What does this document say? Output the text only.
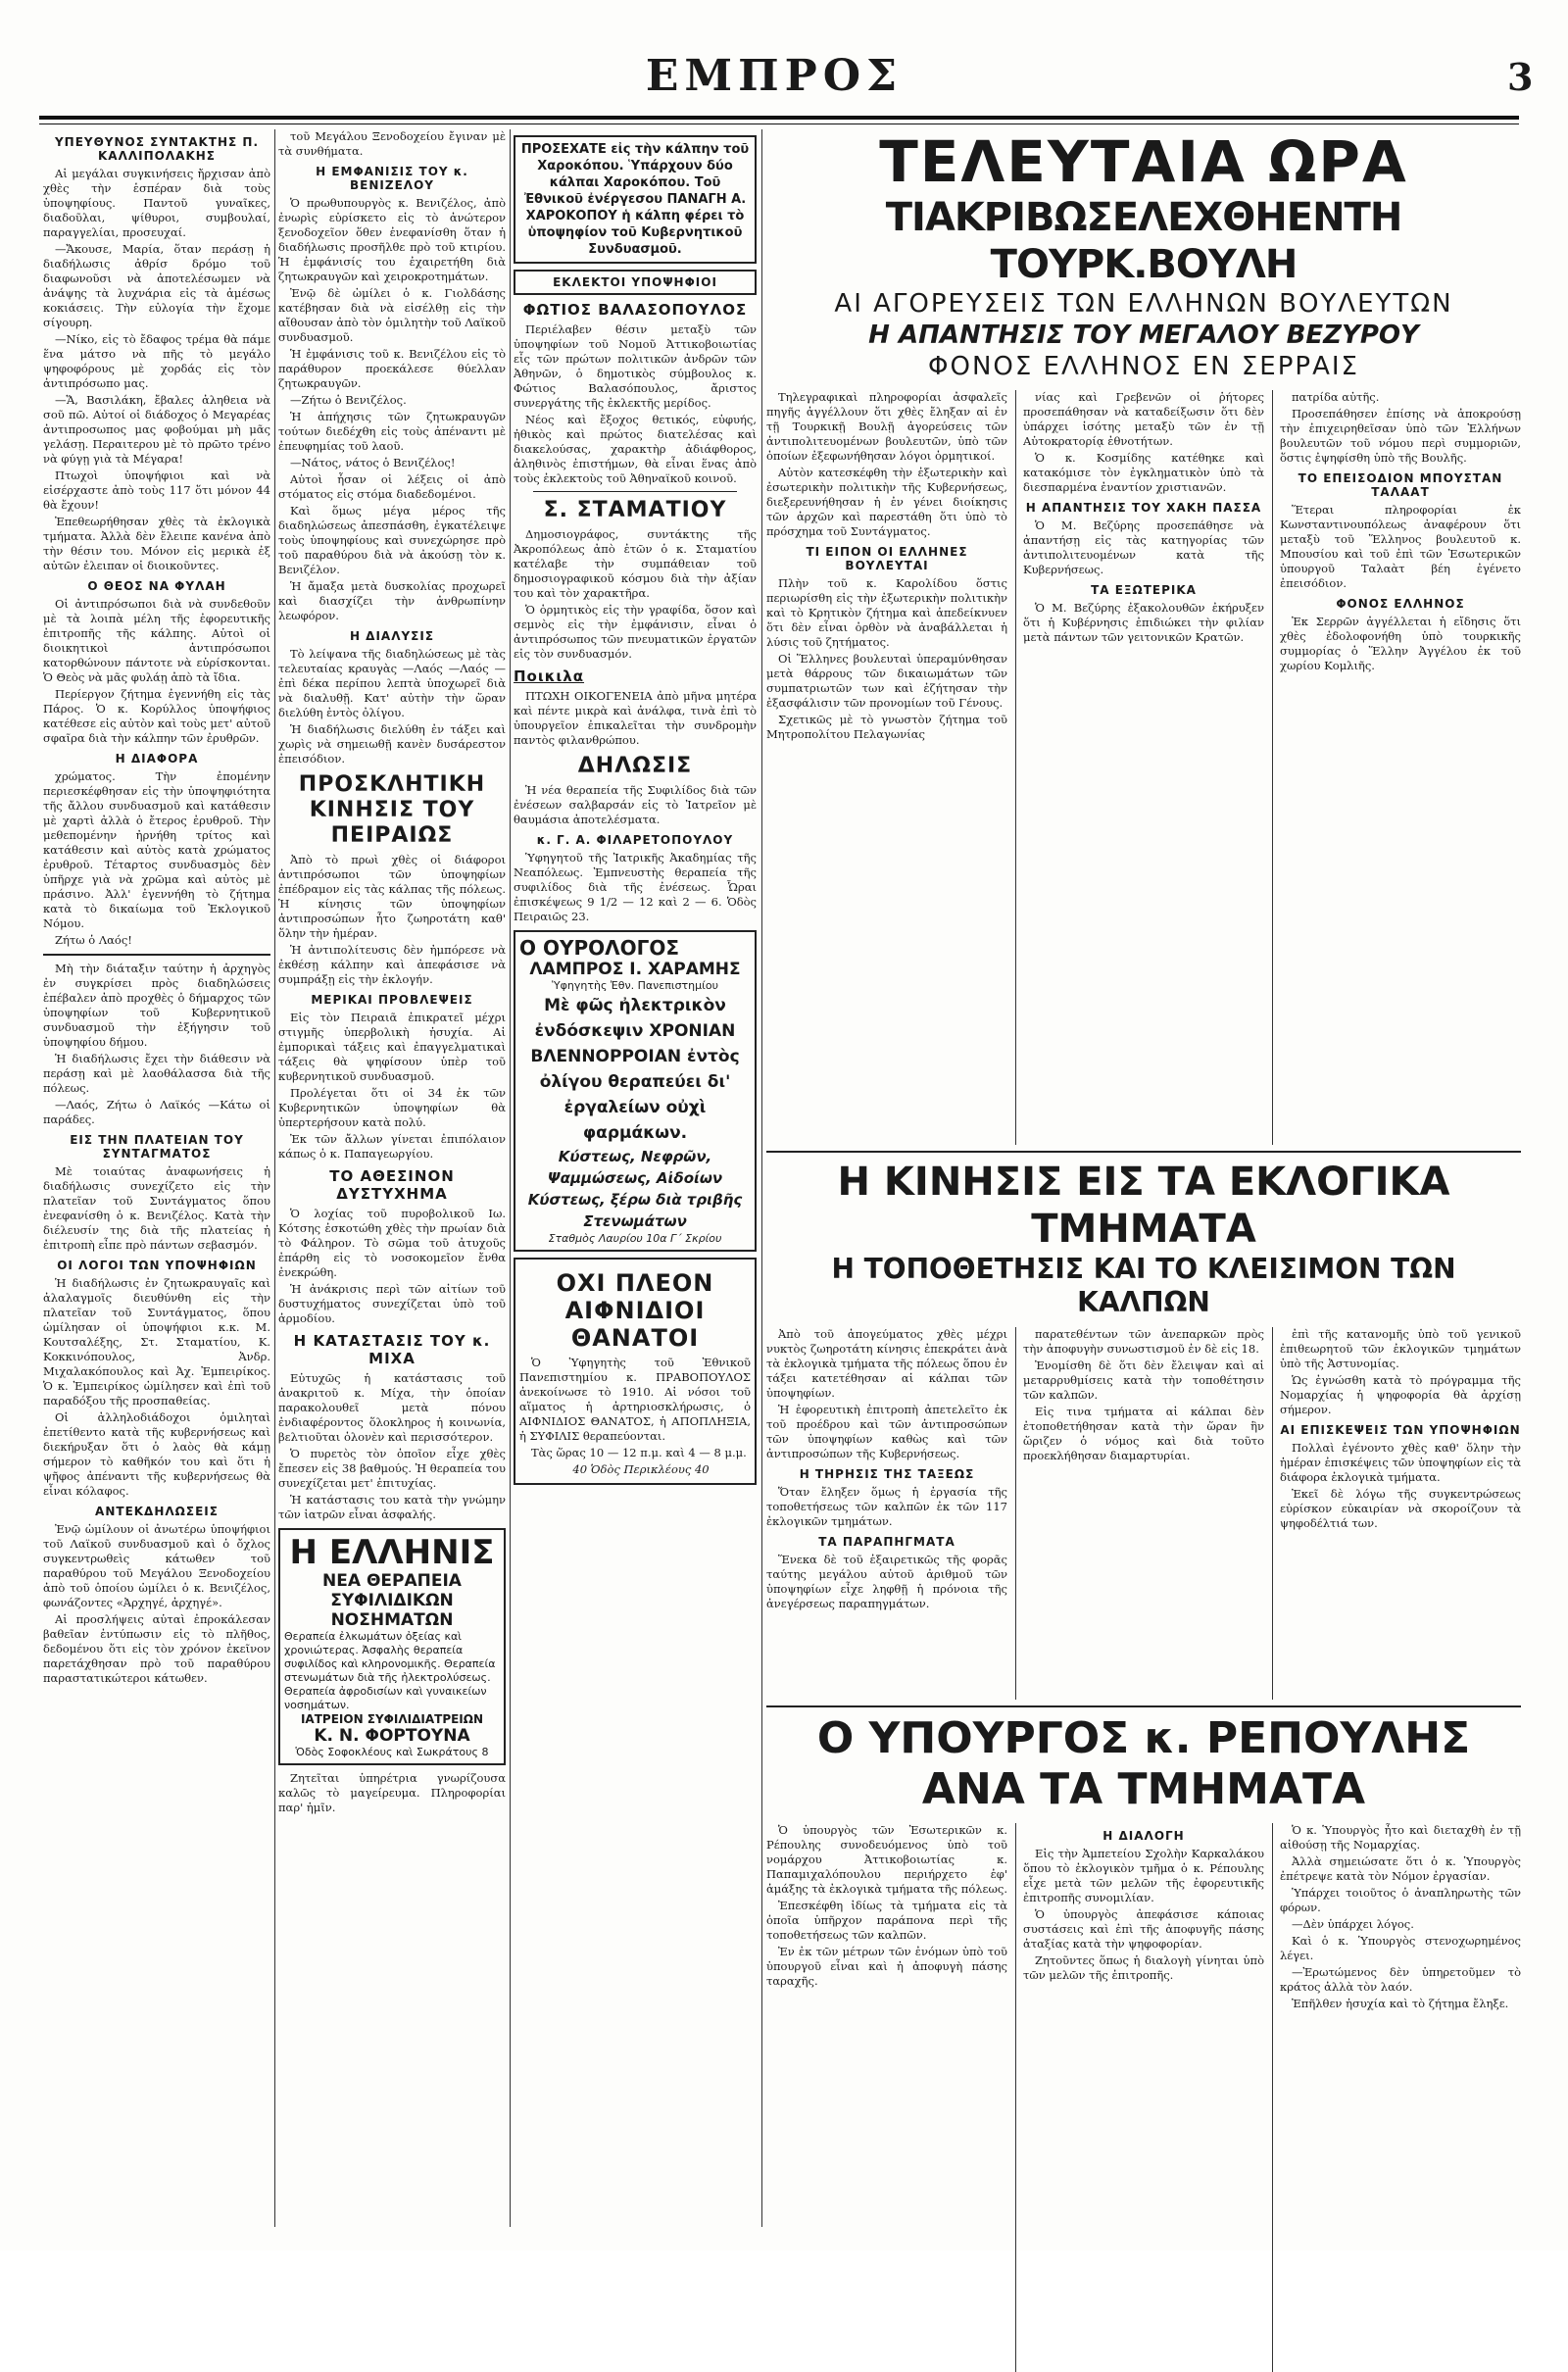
ΕΜΠΡΟΣ	3
ΥΠΕΥΘΥΝΟΣ ΣΥΝΤΑΚΤΗΣ Π. ΚΑΛΛΙΠΟΛΑΚΗΣ

Αἱ μεγάλαι συγκινήσεις ἤρχισαν ἀπὸ χθὲς τὴν ἑσπέραν διὰ τοὺς ὑποψηφίους. Παντοῦ γυναῖκες, διαδοῦλαι, ψίθυροι, συμβουλαί, παραγγελίαι, προσευχαί.

—Ἄκουσε, Μαρία, ὅταν περάσῃ ἡ διαδήλωσις ἀθρίσ δρόμο τοῦ διαφωνοῦσι νὰ ἀποτελέσωμεν νὰ ἀνάψης τὰ λυχνάρια εἰς τὰ ἀμέσως κοκιάσεις. Τὴν εὐλογία τὴν ἔχομε σίγουρη.

—Νίκο, εἰς τὸ ἔδαφος τρέμα θὰ πάμε ἕνα μάτσο νὰ πῆς τὸ μεγάλο ψηφοφόρους μὲ χορδάς εἰς τὸν ἀντιπρόσωπο μας.

—Ἅ, Βασιλάκη, ἔβαλες ἀληθεια νὰ σοῦ πῶ. Αὐτοί οἱ διάδοχος ὁ Μεγαρέας ἀντιπροσωπος μας φοβούμαι μὴ μᾶς γελάσῃ. Περαιτερου μὲ τὸ πρῶτο τρένο νὰ φύγῃ γιὰ τὰ Μέγαρα!

Πτωχοὶ ὑποψήφιοι καὶ νὰ εἰσέρχαστε ἀπὸ τοὺς 117 ὅτι μόνον 44 θὰ ἔχουν!

Ἐπεθεωρήθησαν χθὲς τὰ ἐκλογικὰ τμήματα. Ἀλλὰ δὲν ἔλειπε κανένα ἀπὸ τὴν θέσιν του. Μόνον εἰς μερικὰ ἐξ αὐτῶν ἐλειπαν οἱ διοικοῦντες.

Ο ΘΕΟΣ ΝΑ ΦΥΛΑΗ

Οἱ ἀντιπρόσωποι διὰ νὰ συνδεθοῦν μὲ τὰ λοιπὰ μέλη τῆς ἐφορευτικῆς ἐπιτροπῆς τῆς κάλπης. Αὐτοὶ οἱ διοικητικοὶ ἀντιπρόσωποι κατορθώνουν πάντοτε νὰ εὑρίσκονται. Ὁ Θεὸς νὰ μᾶς φυλάῃ ἀπὸ τὰ ἴδια.

Περίεργον ζήτημα ἐγεννήθη εἰς τὰς Πάρος. Ὁ κ. Κορύλλος ὑποψήφιος κατέθεσε εἰς αὐτὸν καὶ τοὺς μετ' αὐτοῦ σφαῖρα διὰ τὴν κάλπην τῶν ἐρυθρῶν.

Η ΔΙΑΦΟΡΑ

χρώματος. Τὴν ἐπομένην περιεσκέφθησαν εἰς τὴν ὑποψηφιότητα τῆς ἄλλου συνδυασμοῦ καὶ κατάθεσιν μὲ χαρτὶ ἀλλὰ ὁ ἔτερος ἐρυθροῦ. Τὴν μεθεπομένην ἠρνήθη τρίτος καὶ κατάθεσιν καὶ αὐτὸς κατὰ χρώματος ἐρυθροῦ. Τέταρτος συνδυασμὸς δὲν ὑπῆρχε γιὰ νὰ χρῶμα καὶ αὐτὸς μὲ πράσινο. Ἀλλ' ἐγεννήθη τὸ ζήτημα κατὰ τὸ δικαίωμα τοῦ Ἐκλογικοῦ Νόμου.

Ζήτω ὁ Λαός!

Μὴ τὴν διάταξιν ταύτην ἡ ἀρχηγὸς ἐν συγκρίσει πρὸς διαδηλώσεις ἐπέβαλεν ἀπὸ προχθὲς ὁ δήμαρχος τῶν ὑποψηφίων τοῦ Κυβερνητικοῦ συνδυασμοῦ τὴν ἐξήγησιν τοῦ ὑποψηφίου δήμου.

Ἡ διαδήλωσις ἔχει τὴν διάθεσιν νὰ περάσῃ καὶ μὲ λαοθάλασσα διὰ τῆς πόλεως.

—Λαός, Ζήτω ὁ Λαϊκός —Κάτω οἱ παράδες.

ΕΙΣ ΤΗΝ ΠΛΑΤΕΙΑΝ ΤΟΥ ΣΥΝΤΑΓΜΑΤΟΣ

Μὲ τοιαύτας ἀναφωνήσεις ἡ διαδήλωσις συνεχίζετο εἰς τὴν πλατεῖαν τοῦ Συντάγματος ὅπου ἐνεφανίσθη ὁ κ. Βενιζέλος. Κατὰ τὴν διέλευσίν της διὰ τῆς πλατείας ἡ ἐπιτροπὴ εἶπε πρὸ πάντων σεβασμόν.

ΟΙ ΛΟΓΟΙ ΤΩΝ ΥΠΟΨΗΦΙΩΝ

Ἡ διαδήλωσις ἐν ζητωκραυγαῖς καὶ ἀλαλαγμοῖς διευθύνθη εἰς τὴν πλατεῖαν τοῦ Συντάγματος, ὅπου ὡμίλησαν οἱ ὑποψήφιοι κ.κ. Μ. Κουτσαλέξης, Στ. Σταματίου, Κ. Κοκκινόπουλος, Ἀνδρ. Μιχαλακόπουλος καὶ Ἀχ. Ἐμπειρίκος. Ὁ κ. Ἐμπειρίκος ὡμίλησεν καὶ ἐπὶ τοῦ παραδόξου τῆς προσπαθείας.

Οἱ ἀλληλοδιάδοχοι ὁμιληταὶ ἐπετίθεντο κατὰ τῆς κυβερνήσεως καὶ διεκήρυξαν ὅτι ὁ λαὸς θὰ κάμῃ σήμερον τὸ καθῆκόν του καὶ ὅτι ἡ ψῆφος ἀπέναντι τῆς κυβερνήσεως θὰ εἶναι κόλαφος.

ΑΝΤΕΚΔΗΛΩΣΕΙΣ

Ἐνῷ ὡμίλουν οἱ ἀνωτέρω ὑποψήφιοι τοῦ Λαϊκοῦ συνδυασμοῦ καὶ ὁ ὄχλος συγκεντρωθεὶς κάτωθεν τοῦ παραθύρου τοῦ Μεγάλου Ξενοδοχείου ἀπὸ τοῦ ὁποίου ὡμίλει ὁ κ. Βενιζέλος, φωνάζοντες «Ἀρχηγέ, ἀρχηγέ».

Αἱ προσλήψεις αὐταὶ ἐπροκάλεσαν βαθεῖαν ἐντύπωσιν εἰς τὸ πλῆθος, δεδομένου ὅτι εἰς τὸν χρόνον ἐκεῖνον παρετάχθησαν πρὸ τοῦ παραθύρου παραστατικώτεροι κάτωθεν.

τοῦ Μεγάλου Ξενοδοχείου ἔγιναν μὲ τὰ συνθήματα.

Η ΕΜΦΑΝΙΣΙΣ ΤΟΥ κ. ΒΕΝΙΖΕΛΟΥ

Ὁ πρωθυπουργὸς κ. Βενιζέλος, ἀπὸ ἐνωρὶς εὑρίσκετο εἰς τὸ ἀνώτερον ξενοδοχεῖον ὅθεν ἐνεφανίσθη ὅταν ἡ διαδήλωσις προσῆλθε πρὸ τοῦ κτιρίου. Ἡ ἐμφάνισίς του ἐχαιρετήθη διὰ ζητωκραυγῶν καὶ χειροκροτημάτων.

Ἐνῷ δὲ ὡμίλει ὁ κ. Γιολδάσης κατέβησαν διὰ νὰ εἰσέλθῃ εἰς τὴν αἴθουσαν ἀπὸ τὸν ὁμιλητὴν τοῦ Λαϊκοῦ συνδυασμοῦ.

Ἡ ἐμφάνισις τοῦ κ. Βενιζέλου εἰς τὸ παράθυρον προεκάλεσε θύελλαν ζητωκραυγῶν.

—Ζήτω ὁ Βενιζέλος.

Ἡ ἀπήχησις τῶν ζητωκραυγῶν τούτων διεδέχθη εἰς τοὺς ἀπέναντι μὲ ἐπευφημίας τοῦ λαοῦ.

—Νάτος, νάτος ὁ Βενιζέλος!

Αὐτοὶ ἦσαν οἱ λέξεις οἱ ἀπὸ στόματος εἰς στόμα διαδεδομένοι.

Καὶ ὅμως μέγα μέρος τῆς διαδηλώσεως ἀπεσπάσθη, ἐγκατέλειψε τοὺς ὑποψηφίους καὶ συνεχώρησε πρὸ τοῦ παραθύρου διὰ νὰ ἀκούσῃ τὸν κ. Βενιζέλον.

Ἡ ἄμαξα μετὰ δυσκολίας προχωρεῖ καὶ διασχίζει τὴν ἀνθρωπίνην λεωφόρον.

Η ΔΙΑΛΥΣΙΣ

Τὸ λείψανα τῆς διαδηλώσεως μὲ τὰς τελευταίας κραυγὰς —Λαός —Λαός —ἐπὶ δέκα περίπου λεπτὰ ὑποχωρεῖ διὰ νὰ διαλυθῇ. Κατ' αὐτὴν τὴν ὥραν διελύθη ἐντὸς ὀλίγου.

Ἡ διαδήλωσις διελύθη ἐν τάξει καὶ χωρὶς νὰ σημειωθῇ κανὲν δυσάρεστον ἐπεισόδιον.

ΠΡΟΣΚΛΗΤΙΚΗ ΚΙΝΗΣΙΣ ΤΟΥ ΠΕΙΡΑΙΩΣ

Ἀπὸ τὸ πρωὶ χθὲς οἱ διάφοροι ἀντιπρόσωποι τῶν ὑποψηφίων ἐπέδραμον εἰς τὰς κάλπας τῆς πόλεως. Ἡ κίνησις τῶν ὑποψηφίων ἀντιπροσώπων ἦτο ζωηροτάτη καθ' ὅλην τὴν ἡμέραν.

Ἡ ἀντιπολίτευσις δὲν ἠμπόρεσε νὰ ἐκθέσῃ κάλπην καὶ ἀπεφάσισε νὰ συμπράξῃ εἰς τὴν ἐκλογήν.

ΜΕΡΙΚΑΙ ΠΡΟΒΛΕΨΕΙΣ

Εἰς τὸν Πειραιᾶ ἐπικρατεῖ μέχρι στιγμῆς ὑπερβολικὴ ἡσυχία. Αἱ ἐμπορικαὶ τάξεις καὶ ἐπαγγελματικαὶ τάξεις θὰ ψηφίσουν ὑπὲρ τοῦ κυβερνητικοῦ συνδυασμοῦ.

Προλέγεται ὅτι οἱ 34 ἐκ τῶν Κυβερνητικῶν ὑποψηφίων θὰ ὑπερτερήσουν κατὰ πολύ.

Ἐκ τῶν ἄλλων γίνεται ἐπιπόλαιον κάπως ὁ κ. Παπαγεωργίου.

ΤΟ ΑΘΕΣΙΝΟΝ ΔΥΣΤΥΧΗΜΑ

Ὁ λοχίας τοῦ πυροβολικοῦ Ιω. Κότσης ἐσκοτώθη χθὲς τὴν πρωίαν διὰ τὸ Φάληρον. Τὸ σῶμα τοῦ ἀτυχοῦς ἐπάρθη εἰς τὸ νοσοκομεῖον ἔνθα ἐνεκρώθη.

Ἡ ἀνάκρισις περὶ τῶν αἰτίων τοῦ δυστυχήματος συνεχίζεται ὑπὸ τοῦ ἀρμοδίου.

Η ΚΑΤΑΣΤΑΣΙΣ ΤΟΥ κ. ΜΙΧΑ

Εὐτυχῶς ἡ κατάστασις τοῦ ἀνακριτοῦ κ. Μίχα, τὴν ὁποίαν παρακολουθεῖ μετὰ πόνου ἐνδιαφέροντος ὅλοκληρος ἡ κοινωνία, βελτιοῦται ὁλονὲν καὶ περισσότερον.

Ὁ πυρετὸς τὸν ὁποῖον εἶχε χθὲς ἔπεσεν εἰς 38 βαθμούς. Ἡ θεραπεία του συνεχίζεται μετ' ἐπιτυχίας.

Ἡ κατάστασις του κατὰ τὴν γνώμην τῶν ἰατρῶν εἶναι ἀσφαλής.

Η ΕΛΛΗΝΙΣ
ΝΕΑ ΘΕΡΑΠΕΙΑ ΣΥΦΙΛΙΔΙΚΩΝ ΝΟΣΗΜΑΤΩΝ
Θεραπεία ἐλκωμάτων ὀξείας καὶ χρονιώτερας. Ἀσφαλὴς θεραπεία συφιλίδος καὶ κληρονομικῆς. Θεραπεία στενωμάτων διὰ τῆς ἠλεκτρολύσεως. Θεραπεία ἀφροδισίων καὶ γυναικείων νοσημάτων.
ΙΑΤΡΕΙΟΝ ΣΥΦΙΛΙΔΙΑΤΡΕΙΩΝ
Κ. Ν. ΦΟΡΤΟΥΝΑ
Ὁδὸς Σοφοκλέους καὶ Σωκράτους 8

Ζητεῖται ὑπηρέτρια γνωρίζουσα καλῶς τὸ μαγείρευμα. Πληροφορίαι παρ' ἡμῖν.

ΠΡΟΣΕΧΑΤΕ εἰς τὴν κάλπην τοῦ Χαροκόπου. Ὑπάρχουν δύο κάλπαι Χαροκόπου. Τοῦ Ἐθνικοῦ ἐνέργεσου ΠΑΝΑΓΗ Α. ΧΑΡΟΚΟΠΟΥ ἡ κάλπη φέρει τὸ ὑποψηφίον τοῦ Κυβερνητικοῦ Συνδυασμοῦ.
ΕΚΛΕΚΤΟΙ ΥΠΟΨΗΦΙΟΙ
ΦΩΤΙΟΣ ΒΑΛΑΣΟΠΟΥΛΟΣ

Περιέλαβεν θέσιν μεταξὺ τῶν ὑποψηφίων τοῦ Νομοῦ Ἀττικοβοιωτίας εἷς τῶν πρώτων πολιτικῶν ἀνδρῶν τῶν Ἀθηνῶν, ὁ δημοτικὸς σύμβουλος κ. Φώτιος Βαλασόπουλος, ἄριστος συνεργάτης τῆς ἐκλεκτῆς μερίδος.

Νέος καὶ ἔξοχος θετικός, εὐφυής, ἠθικὸς καὶ πρώτος διατελέσας καὶ διακελούσας, χαρακτὴρ ἀδιάφθορος, ἀληθινὸς ἐπιστήμων, θὰ εἶναι ἕνας ἀπὸ τοὺς ἐκλεκτοὺς τοῦ Ἀθηναϊκοῦ κοινοῦ.

Σ. ΣΤΑΜΑΤΙΟΥ

Δημοσιογράφος, συντάκτης τῆς Ἀκροπόλεως ἀπὸ ἐτῶν ὁ κ. Σταματίου κατέλαβε τὴν συμπάθειαν τοῦ δημοσιογραφικοῦ κόσμου διὰ τὴν ἀξίαν του καὶ τὸν χαρακτῆρα.

Ὁ ὁρμητικὸς εἰς τὴν γραφίδα, ὅσον καὶ σεμνὸς εἰς τὴν ἐμφάνισιν, εἶναι ὁ ἀντιπρόσωπος τῶν πνευματικῶν ἐργατῶν εἰς τὸν συνδυασμόν.

Ποικιλα

ΠΤΩΧΗ ΟΙΚΟΓΕΝΕΙΑ ἀπὸ μῆνα μητέρα καὶ πέντε μικρὰ καὶ ἀνάλφα, τινὰ ἐπὶ τὸ ὑπουργεῖον ἐπικαλεῖται τὴν συνδρομὴν παντὸς φιλανθρώπου.

ΔΗΛΩΣΙΣ

Ἡ νέα θεραπεία τῆς Συφιλίδος διὰ τῶν ἐνέσεων σαλβαρσάν εἰς τὸ Ἰατρεῖον μὲ θαυμάσια ἀποτελέσματα.

κ. Γ. Α. ΦΙΛΑΡΕΤΟΠΟΥΛΟΥ

Ὑφηγητοῦ τῆς Ἰατρικῆς Ἀκαδημίας τῆς Νεαπόλεως. Ἐμπνευστὴς θεραπεία τῆς συφιλίδος διὰ τῆς ἐνέσεως. Ὧραι ἐπισκέψεως 9 1/2 — 12 καὶ 2 — 6. Ὁδὸς Πειραιῶς 23.

Ο ΟΥΡΟΛΟΓΟΣ
ΛΑΜΠΡΟΣ Ι. ΧΑΡΑΜΗΣ
Ὑφηγητὴς Ἐθν. Πανεπιστημίου
Μὲ φῶς ἠλεκτρικὸν ἐνδόσκεψιν ΧΡΟΝΙΑΝ ΒΛΕΝΝΟΡΡΟΙΑΝ ἐντὸς ὀλίγου θεραπεύει δι' ἐργαλείων οὐχὶ φαρμάκων.
Κύστεως, Νεφρῶν, Ψαμμώσεως, Αἰδοίων Κύστεως, ξέρω διὰ τριβῆς Στενωμάτων
Σταθμὸς Λαυρίου 10α Γ΄ Σκρίου
ΟΧΙ ΠΛΕΟΝ ΑΙΦΝΙΔΙΟΙ ΘΑΝΑΤΟΙ

Ὁ Ὑφηγητὴς τοῦ Ἐθνικοῦ Πανεπιστημίου κ. ΠΡΑΒΟΠΟΥΛΟΣ ἀνεκοίνωσε τὸ 1910. Αἱ νόσοι τοῦ αἵματος ἡ ἀρτηριοσκλήρωσις, ὁ ΑΙΦΝΙΔΙΟΣ ΘΑΝΑΤΟΣ, ἡ ΑΠΟΠΛΗΞΙΑ, ἡ ΣΥΦΙΛΙΣ θεραπεύονται.

Τὰς ὥρας 10 — 12 π.μ. καὶ 4 — 8 μ.μ.

40 Ὁδὸς Περικλέους 40

ΤΕΛΕΥΤΑΙΑ ΩΡΑ
ΤΙΑΚΡΙΒΩΣΕΛΕΧΘΗΕΝΤΗ ΤΟΥΡΚ.ΒΟΥΛΗ
ΑΙ ΑΓΟΡΕΥΣΕΙΣ ΤΩΝ ΕΛΛΗΝΩΝ ΒΟΥΛΕΥΤΩΝ
Η ΑΠΑΝΤΗΣΙΣ ΤΟΥ ΜΕΓΑΛΟΥ ΒΕΖΥΡΟΥ
ΦΟΝΟΣ ΕΛΛΗΝΟΣ ΕΝ ΣΕΡΡΑΙΣ

Τηλεγραφικαὶ πληροφορίαι ἀσφαλεῖς πηγῆς ἀγγέλλουν ὅτι χθὲς ἔληξαν αἱ ἐν τῇ Τουρκικῇ Βουλῇ ἀγορεύσεις τῶν ἀντιπολιτευομένων βουλευτῶν, ὑπὸ τῶν ὁποίων ἐξεφωνήθησαν λόγοι ὁρμητικοί.

Αὐτὸν κατεσκέφθη τὴν ἐξωτερικὴν καὶ ἐσωτερικὴν πολιτικὴν τῆς Κυβερνήσεως, διεξερευνήθησαν ἡ ἐν γένει διοίκησις τῶν ἀρχῶν καὶ παρεστάθη ὅτι ὑπὸ τὸ πρόσχημα τοῦ Συντάγματος.

ΤΙ ΕΙΠΟΝ ΟΙ ΕΛΛΗΝΕΣ ΒΟΥΛΕΥΤΑΙ

Πλὴν τοῦ κ. Καρολίδου ὅστις περιωρίσθη εἰς τὴν ἐξωτερικὴν πολιτικὴν καὶ τὸ Κρητικὸν ζήτημα καὶ ἀπεδείκνυεν ὅτι δὲν εἶναι ὀρθὸν νὰ ἀναβάλλεται ἡ λύσις τοῦ ζητήματος.

Οἱ Ἕλληνες βουλευταὶ ὑπεραμύνθησαν μετὰ θάρρους τῶν δικαιωμάτων τῶν συμπατριωτῶν των καὶ ἐζήτησαν τὴν ἐξασφάλισιν τῶν προνομίων τοῦ Γένους.

Σχετικῶς μὲ τὸ γνωστὸν ζήτημα τοῦ Μητροπολίτου Πελαγωνίας

νίας καὶ Γρεβενῶν οἱ ῥήτορες προσεπάθησαν νὰ καταδείξωσιν ὅτι δὲν ὑπάρχει ἰσότης μεταξὺ τῶν ἐν τῇ Αὐτοκρατορίᾳ ἐθνοτήτων.

Ὁ κ. Κοσμίδης κατέθηκε καὶ κατακόμισε τὸν ἐγκληματικὸν ὑπὸ τὰ διεσπαρμένα ἐναντίον χριστιανῶν.

Η ΑΠΑΝΤΗΣΙΣ ΤΟΥ ΧΑΚΗ ΠΑΣΣΑ

Ὁ Μ. Βεζύρης προσεπάθησε νὰ ἀπαντήσῃ εἰς τὰς κατηγορίας τῶν ἀντιπολιτευομένων κατὰ τῆς Κυβερνήσεως.

ΤΑ ΕΞΩΤΕΡΙΚΑ

Ὁ Μ. Βεζύρης ἐξακολουθῶν ἐκήρυξεν ὅτι ἡ Κυβέρνησις ἐπιδιώκει τὴν φιλίαν μετὰ πάντων τῶν γειτονικῶν Κρατῶν.

πατρίδα αὐτῆς.

Προσεπάθησεν ἐπίσης νὰ ἀποκρούσῃ τὴν ἐπιχειρηθεῖσαν ὑπὸ τῶν Ἑλλήνων βουλευτῶν τοῦ νόμου περὶ συμμοριῶν, ὅστις ἐψηφίσθη ὑπὸ τῆς Βουλῆς.

ΤΟ ΕΠΕΙΣΟΔΙΟΝ ΜΠΟΥΣΤΑΝ ΤΑΛΑΑΤ

Ἕτεραι πληροφορίαι ἐκ Κωνσταντινουπόλεως ἀναφέρουν ὅτι μεταξὺ τοῦ Ἕλληνος βουλευτοῦ κ. Μπουσίου καὶ τοῦ ἐπὶ τῶν Ἐσωτερικῶν ὑπουργοῦ Ταλαὰτ βέη ἐγένετο ἐπεισόδιον.

ΦΟΝΟΣ ΕΛΛΗΝΟΣ

Ἐκ Σερρῶν ἀγγέλλεται ἡ εἴδησις ὅτι χθὲς ἐδολοφονήθη ὑπὸ τουρκικῆς συμμορίας ὁ Ἕλλην Ἀγγέλου ἐκ τοῦ χωρίου Κομλιῆς.

Η ΚΙΝΗΣΙΣ ΕΙΣ ΤΑ ΕΚΛΟΓΙΚΑ ΤΜΗΜΑΤΑ
Η ΤΟΠΟΘΕΤΗΣΙΣ ΚΑΙ ΤΟ ΚΛΕΙΣΙΜΟΝ ΤΩΝ ΚΑΛΠΩΝ

Ἀπὸ τοῦ ἀπογεύματος χθὲς μέχρι νυκτὸς ζωηροτάτη κίνησις ἐπεκράτει ἀνὰ τὰ ἐκλογικὰ τμήματα τῆς πόλεως ὅπου ἐν τάξει κατετέθησαν αἱ κάλπαι τῶν ὑποψηφίων.

Ἡ ἐφορευτικὴ ἐπιτροπὴ ἀπετελεῖτο ἐκ τοῦ προέδρου καὶ τῶν ἀντιπροσώπων τῶν ὑποψηφίων καθὼς καὶ τῶν ἀντιπροσώπων τῆς Κυβερνήσεως.

Η ΤΗΡΗΣΙΣ ΤΗΣ ΤΑΞΕΩΣ

Ὅταν ἔληξεν ὅμως ἡ ἐργασία τῆς τοποθετήσεως τῶν καλπῶν ἐκ τῶν 117 ἐκλογικῶν τμημάτων.

ΤΑ ΠΑΡΑΠΗΓΜΑΤΑ

Ἕνεκα δὲ τοῦ ἐξαιρετικῶς τῆς φορᾶς ταύτης μεγάλου αὐτοῦ ἀριθμοῦ τῶν ὑποψηφίων εἶχε ληφθῇ ἡ πρόνοια τῆς ἀνεγέρσεως παραπηγμάτων.

παρατεθέντων τῶν ἀνεπαρκῶν πρὸς τὴν ἀποφυγὴν συνωστισμοῦ ἐν δὲ εἰς 18.

Ἐνομίσθη δὲ ὅτι δὲν ἔλειψαν καὶ αἱ μεταρρυθμίσεις κατὰ τὴν τοποθέτησιν τῶν καλπῶν.

Εἰς τινα τμήματα αἱ κάλπαι δὲν ἐτοποθετήθησαν κατὰ τὴν ὥραν ἣν ὥριζεν ὁ νόμος καὶ διὰ τοῦτο προεκλήθησαν διαμαρτυρίαι.

ἐπὶ τῆς κατανομῆς ὑπὸ τοῦ γενικοῦ ἐπιθεωρητοῦ τῶν ἐκλογικῶν τμημάτων ὑπὸ τῆς Ἀστυνομίας.

Ὡς ἐγνώσθη κατὰ τὸ πρόγραμμα τῆς Νομαρχίας ἡ ψηφοφορία θὰ ἀρχίσῃ σήμερον.

ΑΙ ΕΠΙΣΚΕΨΕΙΣ ΤΩΝ ΥΠΟΨΗΦΙΩΝ

Πολλαὶ ἐγένοντο χθὲς καθ' ὅλην τὴν ἡμέραν ἐπισκέψεις τῶν ὑποψηφίων εἰς τὰ διάφορα ἐκλογικὰ τμήματα.

Ἐκεῖ δὲ λόγω τῆς συγκεντρώσεως εὑρίσκον εὐκαιρίαν νὰ σκοροίζουν τὰ ψηφοδέλτιά των.

Ο ΥΠΟΥΡΓΟΣ κ. ΡΕΠΟΥΛΗΣ ΑΝΑ ΤΑ ΤΜΗΜΑΤΑ

Ὁ ὑπουργὸς τῶν Ἐσωτερικῶν κ. Ρέπουλης συνοδευόμενος ὑπὸ τοῦ νομάρχου Ἀττικοβοιωτίας κ. Παπαμιχαλόπουλου περιήρχετο ἐφ' ἁμάξης τὰ ἐκλογικὰ τμήματα τῆς πόλεως.

Ἐπεσκέφθη ἰδίως τὰ τμήματα εἰς τὰ ὁποῖα ὑπῆρχον παράπονα περὶ τῆς τοποθετήσεως τῶν καλπῶν.

Ἐν ἐκ τῶν μέτρων τῶν ἐνόμων ὑπὸ τοῦ ὑπουργοῦ εἶναι καὶ ἡ ἀποφυγὴ πάσης ταραχῆς.

Η ΔΙΑΛΟΓΗ

Εἰς τὴν Ἀμπετείου Σχολὴν Καρκαλάκου ὅπου τὸ ἐκλογικὸν τμῆμα ὁ κ. Ρέπουλης εἶχε μετὰ τῶν μελῶν τῆς ἐφορευτικῆς ἐπιτροπῆς συνομιλίαν.

Ὁ ὑπουργὸς ἀπεφάσισε κάποιας συστάσεις καὶ ἐπὶ τῆς ἀποφυγῆς πάσης ἀταξίας κατὰ τὴν ψηφοφορίαν.

Ζητοῦντες ὅπως ἡ διαλογὴ γίνηται ὑπὸ τῶν μελῶν τῆς ἐπιτροπῆς.

Ὁ κ. Ὑπουργὸς ἦτο καὶ διεταχθὴ ἐν τῇ αἰθούσῃ τῆς Νομαρχίας.

Ἀλλὰ σημειώσατε ὅτι ὁ κ. Ὑπουργὸς ἐπέτρεψε κατὰ τὸν Νόμον ἐργασίαν.

Ὑπάρχει τοιοῦτος ὁ ἀναπληρωτὴς τῶν φόρων.

—Δὲν ὑπάρχει λόγος.

Καὶ ὁ κ. Ὑπουργὸς στενοχωρημένος λέγει.

—Ἐρωτώμενος δὲν ὑπηρετοῦμεν τὸ κράτος ἀλλὰ τὸν λαόν.

Ἐπῆλθεν ἡσυχία καὶ τὸ ζήτημα ἔληξε.
